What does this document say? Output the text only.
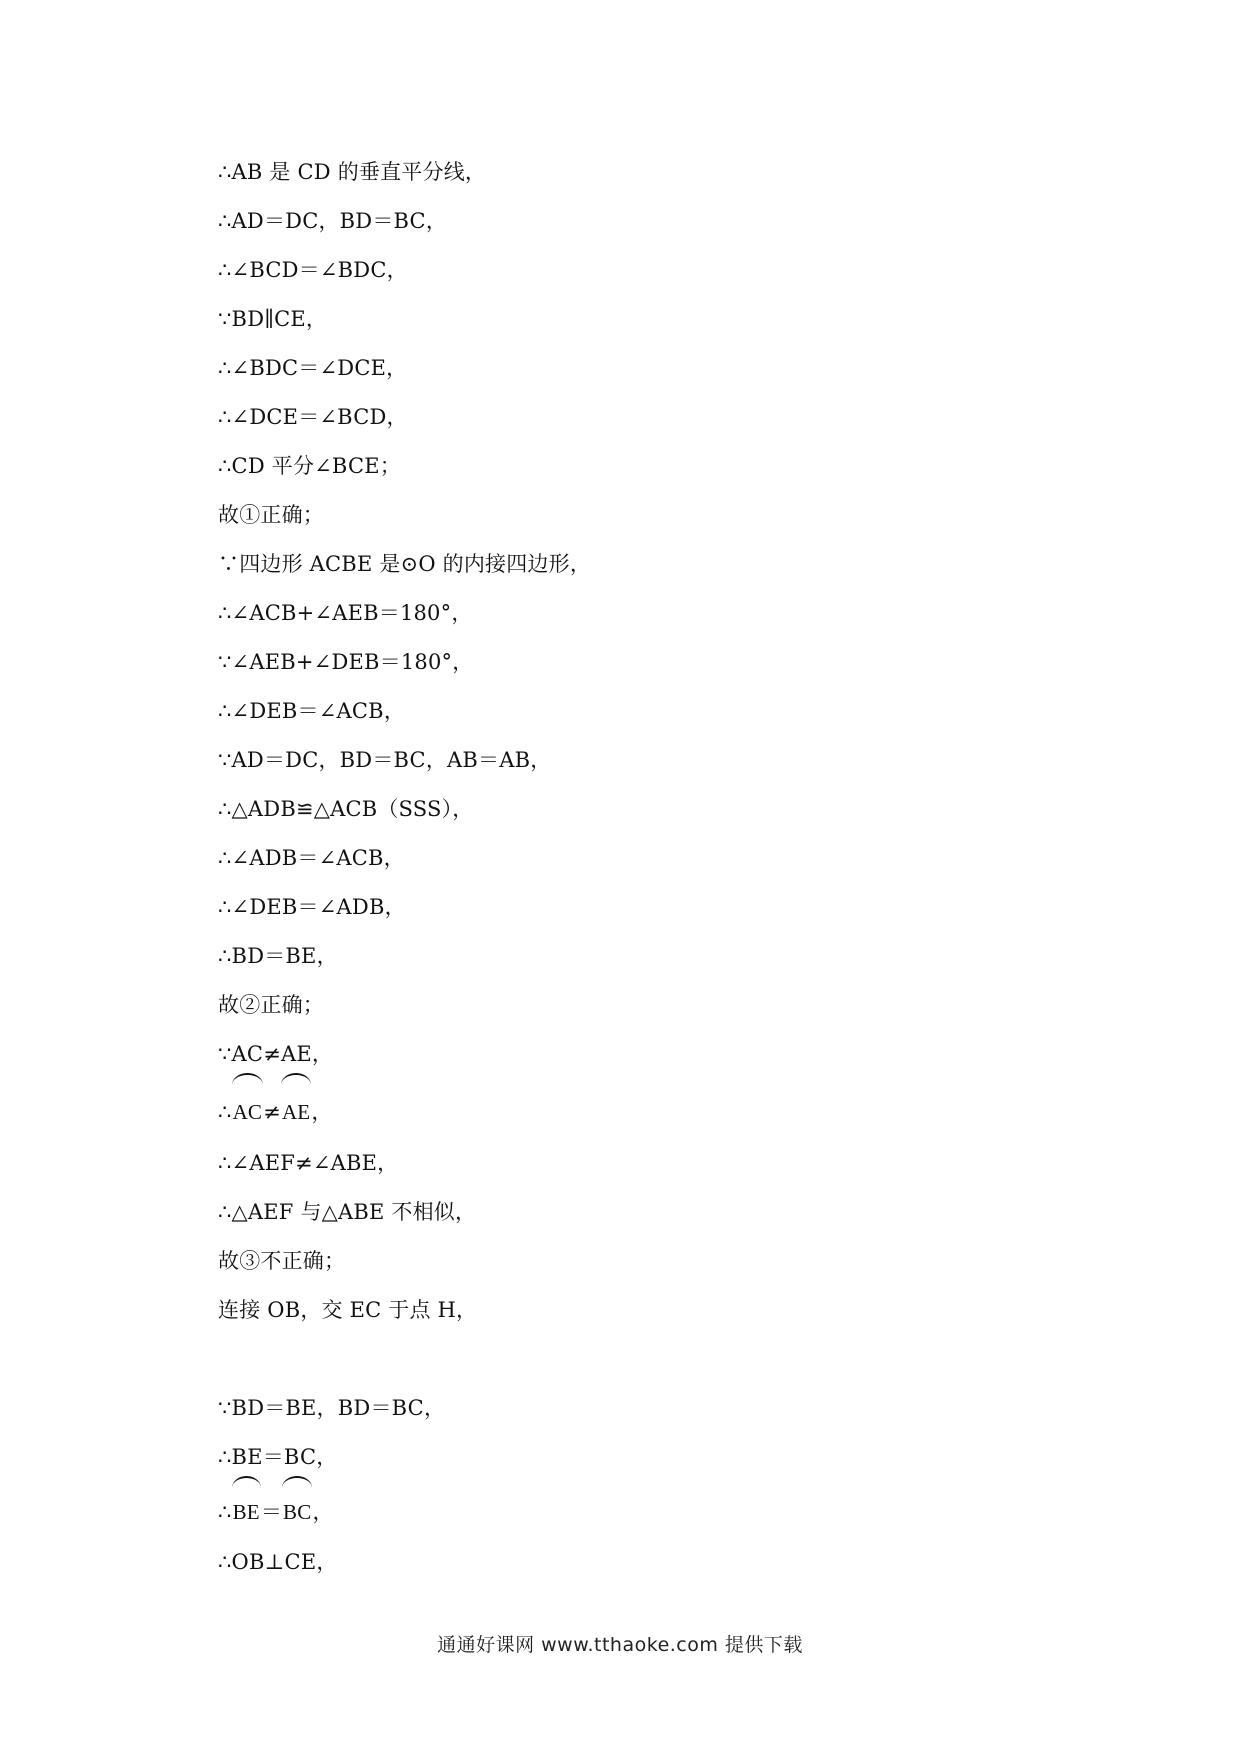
∴AB 是 CD 的垂直平分线，
∴AD＝DC，BD＝BC，
∴∠BCD＝∠BDC，
∵BD∥CE，
∴∠BDC＝∠DCE，
∴∠DCE＝∠BCD，
∴CD 平分∠BCE；
故①正确；
∵四边形 ACBE 是⊙O 的内接四边形，
∴∠ACB+∠AEB＝180°，
∵∠AEB+∠DEB＝180°，
∴∠DEB＝∠ACB，
∵AD＝DC，BD＝BC，AB＝AB，
∴△ADB≌△ACB（SSS），
∴∠ADB＝∠ACB，
∴∠DEB＝∠ADB，
∴BD＝BE，
故②正确；
∵AC≠AE，
∴AC≠AE，
∴∠AEF≠∠ABE，
∴△AEF 与△ABE 不相似，
故③不正确；
连接 OB，交 EC 于点 H，
∵BD＝BE，BD＝BC，
∴BE＝BC，
∴BE＝BC，
∴OB⊥CE，
通通好课网 www.tthaoke.com 提供下载
